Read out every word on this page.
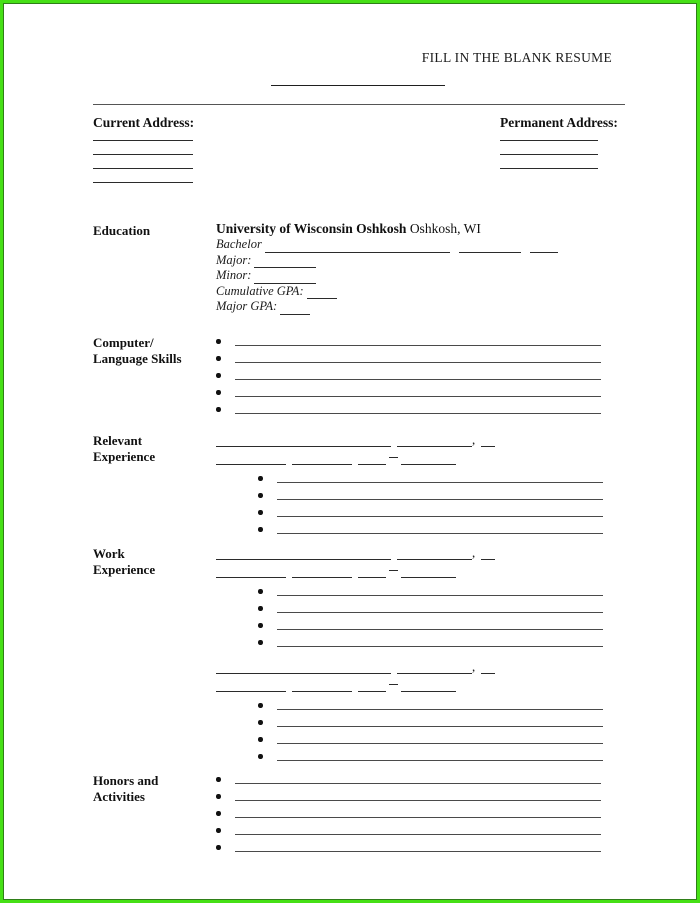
FILL IN THE BLANK RESUME
Current Address:	Permanent Address:
Education	University of Wisconsin Oshkosh Oshkosh, WI
Bachelor
Major:
Minor:
Cumulative GPA:
Major GPA:
Computer/
Language Skills
Relevant
Experience
,
Work
Experience
,
,
Honors and
Activities
